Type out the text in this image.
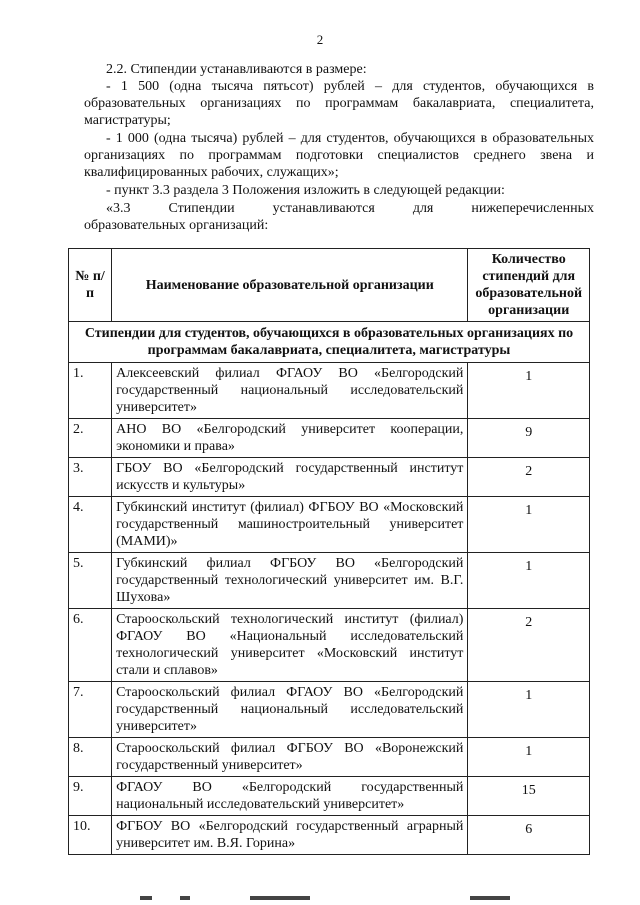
2
2.2. Стипендии устанавливаются в размере:
- 1 500 (одна тысяча пятьсот) рублей – для студентов, обучающихся в образовательных организациях по программам бакалавриата, специалитета, магистратуры;
- 1 000 (одна тысяча) рублей – для студентов, обучающихся в образовательных организациях по программам подготовки специалистов среднего звена и квалифицированных рабочих, служащих»;
- пункт 3.3 раздела 3 Положения изложить в следующей редакции:
«3.3 Стипендии устанавливаются для нижеперечисленных
образовательных организаций:
№ п/п	Наименование образовательной организации	Количество стипендий для образовательной организации
Стипендии для студентов, обучающихся в образовательных организациях по программам бакалавриата, специалитета, магистратуры		
1.	Алексеевский филиал ФГАОУ ВО «Белгородский государственный национальный исследовательский университет»	1
2.	АНО ВО «Белгородский университет кооперации, экономики и права»	9
3.	ГБОУ ВО «Белгородский государственный институт искусств и культуры»	2
4.	Губкинский институт (филиал) ФГБОУ ВО «Московский государственный машиностроительный университет (МАМИ)»	1
5.	Губкинский филиал ФГБОУ ВО «Белгородский государственный технологический университет им. В.Г. Шухова»	1
6.	Старооскольский технологический институт (филиал) ФГАОУ ВО «Национальный исследовательский технологический университет «Московский институт стали и сплавов»	2
7.	Старооскольский филиал ФГАОУ ВО «Белгородский государственный национальный исследовательский университет»	1
8.	Старооскольский филиал ФГБОУ ВО «Воронежский государственный университет»	1
9.	ФГАОУ ВО «Белгородский государственный национальный исследовательский университет»	15
10.	ФГБОУ ВО «Белгородский государственный аграрный университет им. В.Я. Горина»	6
